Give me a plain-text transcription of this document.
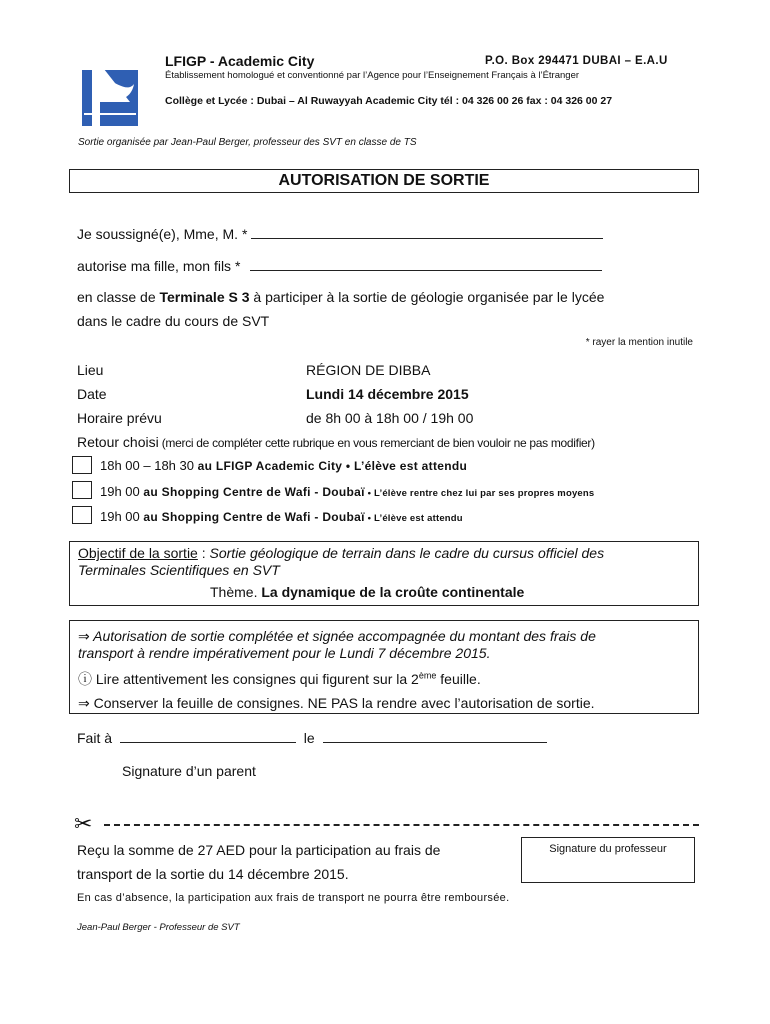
LFIGP - Academic City	P.O. Box 294471 DUBAI – E.A.U
Établissement homologué et conventionné par l’Agence pour l’Enseignement Français à l’Étranger
Collège et Lycée : Dubai – Al Ruwayyah Academic City tél : 04 326 00 26 fax : 04 326 00 27
Sortie organisée par Jean-Paul Berger, professeur des SVT en classe de TS
AUTORISATION DE SORTIE
Je soussigné(e), Mme, M. *
autorise ma fille, mon fils *
en classe de Terminale S 3 à participer à la sortie de géologie organisée par le lycée
dans le cadre du cours de SVT
* rayer la mention inutile
Lieu	RÉGION DE DIBBA
Date	Lundi 14 décembre 2015
Horaire prévu	de 8h 00 à 18h 00 / 19h 00
Retour choisi (merci de compléter cette rubrique en vous remerciant de bien vouloir ne pas modifier)
18h 00 – 18h 30 au LFIGP Academic City • L’élève est attendu
19h 00 au Shopping Centre de Wafi - Doubaï • L’élève rentre chez lui par ses propres moyens
19h 00 au Shopping Centre de Wafi - Doubaï • L’élève est attendu
Objectif de la sortie : Sortie géologique de terrain dans le cadre du cursus officiel des
Terminales Scientifiques en SVT
Thème. La dynamique de la croûte continentale
⇒ Autorisation de sortie complétée et signée accompagnée du montant des frais de
transport à rendre impérativement pour le Lundi 7 décembre 2015.
ⓘ Lire attentivement les consignes qui figurent sur la 2ème feuille.
⇒ Conserver la feuille de consignes. NE PAS la rendre avec l’autorisation de sortie.
Fait à	le
Signature d’un parent
✂
Reçu la somme de 27 AED pour la participation au frais de
transport de la sortie du 14 décembre 2015.
Signature du professeur
En cas d’absence, la participation aux frais de transport ne pourra être remboursée.
Jean-Paul Berger - Professeur de SVT
